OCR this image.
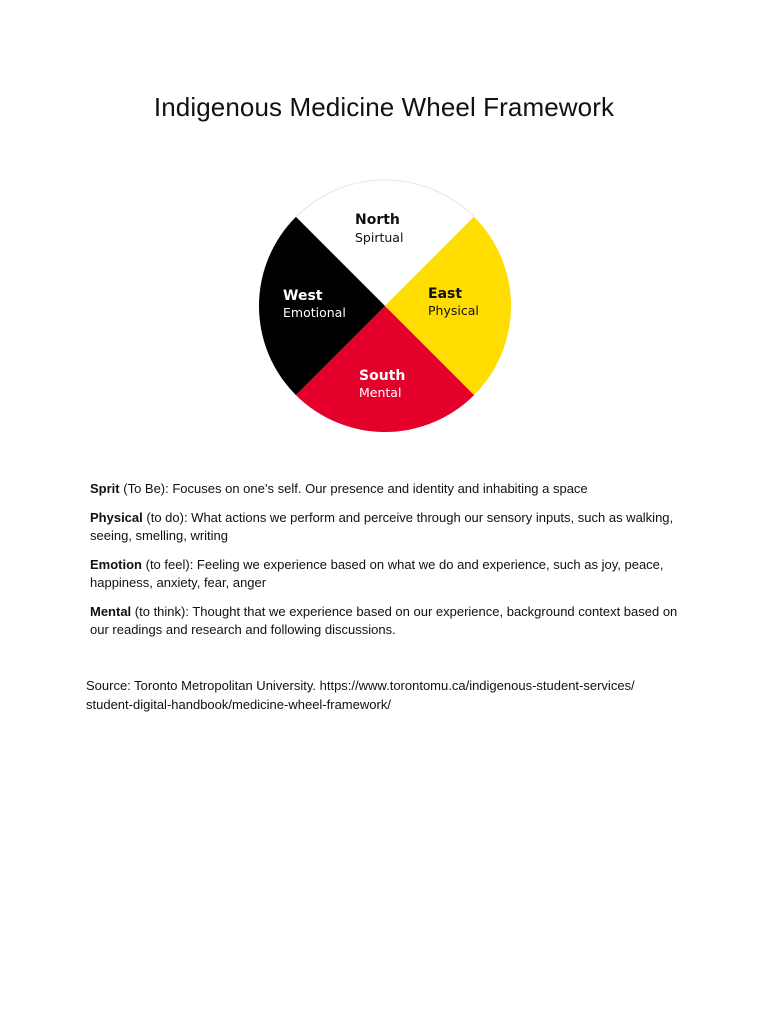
Indigenous Medicine Wheel Framework
North
Spirtual
East
Physical
South
Mental
West
Emotional

Sprit (To Be): Focuses on one’s self. Our presence and identity and inhabiting a space

Physical (to do): What actions we perform and perceive through our sensory inputs, such as walking, seeing, smelling, writing

Emotion (to feel): Feeling we experience based on what we do and experience, such as joy, peace, happiness, anxiety, fear, anger

Mental (to think): Thought that we experience based on our experience, background context based on our readings and research and following discussions.

Source: Toronto Metropolitan University. https://www.torontomu.ca/indigenous-student-services/
student-digital-handbook/medicine-wheel-framework/
